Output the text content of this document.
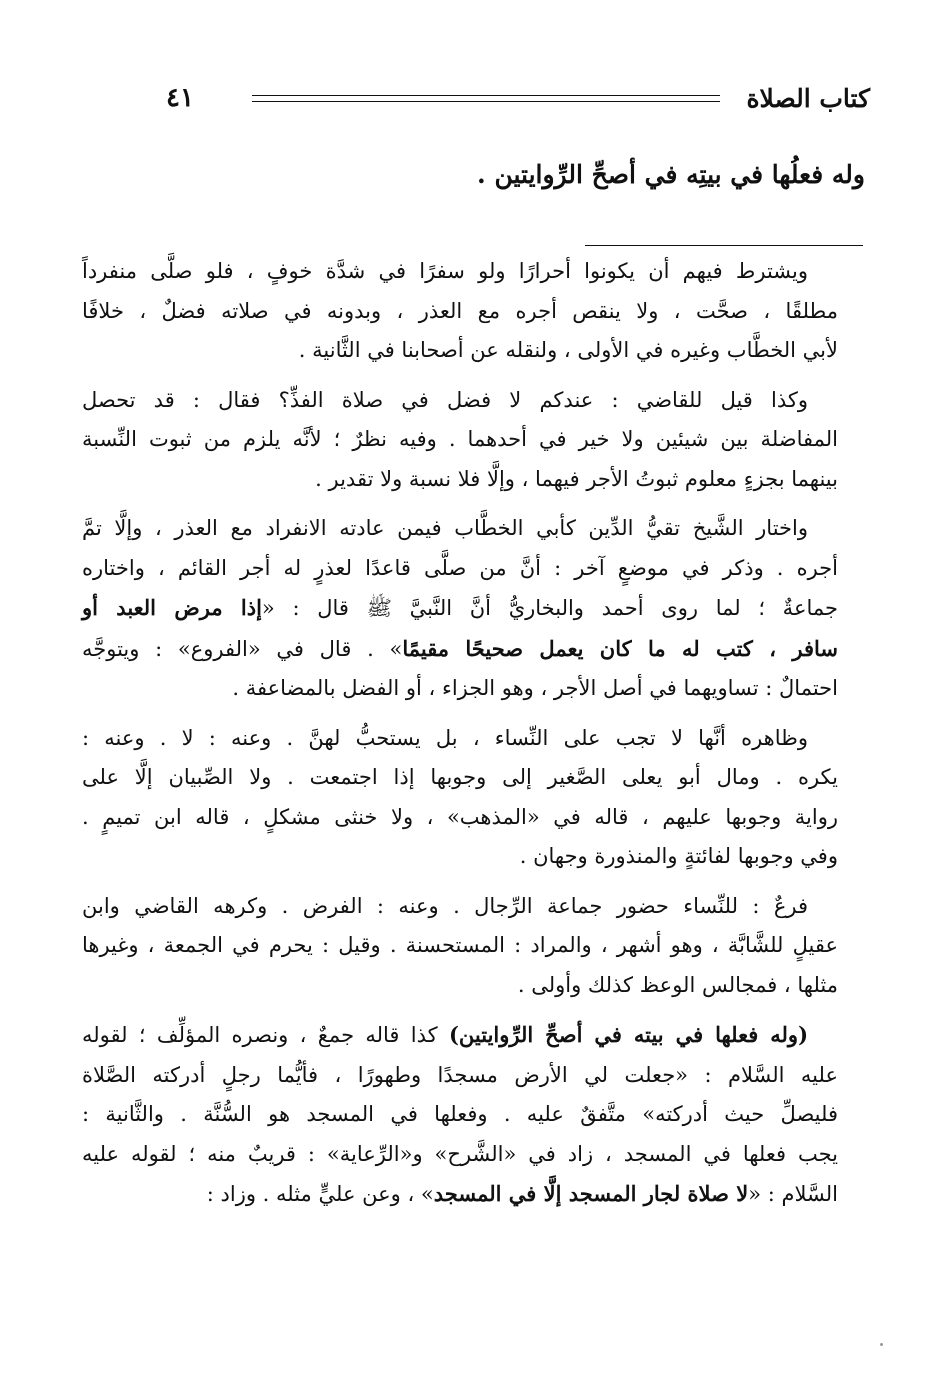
كتاب الصلاة
٤١
وله فعلُها في بيتِه في أصحِّ الرِّوايتين .
ويشترط فيهم أن يكونوا أحرارًا ولو سفرًا في شدَّة خوفٍ ، فلو صلَّى منفرداً
مطلقًا ، صحَّت ، ولا ينقص أجره مع العذر ، وبدونه في صلاته فضلٌ ، خلافًا
لأبي الخطَّاب وغيره في الأولى ، ولنقله عن أصحابنا في الثَّانية .
وكذا قيل للقاضي : عندكم لا فضل في صلاة الفذِّ؟ فقال : قد تحصل
المفاضلة بين شيئين ولا خير في أحدهما . وفيه نظرٌ ؛ لأنَّه يلزم من ثبوت النِّسبة
بينهما بجزءٍ معلوم ثبوتُ الأجر فيهما ، وإلَّا فلا نسبة ولا تقدير .
واختار الشَّيخ تقيُّ الدِّين كأبي الخطَّاب فيمن عادته الانفراد مع العذر ، وإلَّا تمَّ
أجره . وذكر في موضعٍ آخر : أنَّ من صلَّى قاعدًا لعذرٍ له أجر القائم ، واختاره
جماعةٌ ؛ لما روى أحمد والبخاريُّ أنَّ النَّبيَّ ﷺ قال : «إذا مرض العبد أو
سافر ، كتب له ما كان يعمل صحيحًا مقيمًا» . قال في «الفروع» : ويتوجَّه
احتمالٌ : تساويهما في أصل الأجر ، وهو الجزاء ، أو الفضل بالمضاعفة .
وظاهره أنَّها لا تجب على النِّساء ، بل يستحبُّ لهنَّ . وعنه : لا . وعنه :
يكره . ومال أبو يعلى الصَّغير إلى وجوبها إذا اجتمعت . ولا الصِّبيان إلَّا على
رواية وجوبها عليهم ، قاله في «المذهب» ، ولا خنثى مشكلٍ ، قاله ابن تميمٍ .
وفي وجوبها لفائتةٍ والمنذورة وجهان .
فرعٌ : للنِّساء حضور جماعة الرِّجال . وعنه : الفرض . وكرهه القاضي وابن
عقيلٍ للشَّابَّة ، وهو أشهر ، والمراد : المستحسنة . وقيل : يحرم في الجمعة ، وغيرها
مثلها ، فمجالس الوعظ كذلك وأولى .
(وله فعلها في بيته في أصحِّ الرِّوايتين) كذا قاله جمعٌ ، ونصره المؤلِّف ؛ لقوله
عليه السَّلام : «جعلت لي الأرض مسجدًا وطهورًا ، فأيُّما رجلٍ أدركته الصَّلاة
فليصلِّ حيث أدركته» متَّفقٌ عليه . وفعلها في المسجد هو السُّنَّة . والثَّانية :
يجب فعلها في المسجد ، زاد في «الشَّرح» و«الرِّعاية» : قريبٌ منه ؛ لقوله عليه
السَّلام : «لا صلاة لجار المسجد إلَّا في المسجد» ، وعن عليٍّ مثله . وزاد :
